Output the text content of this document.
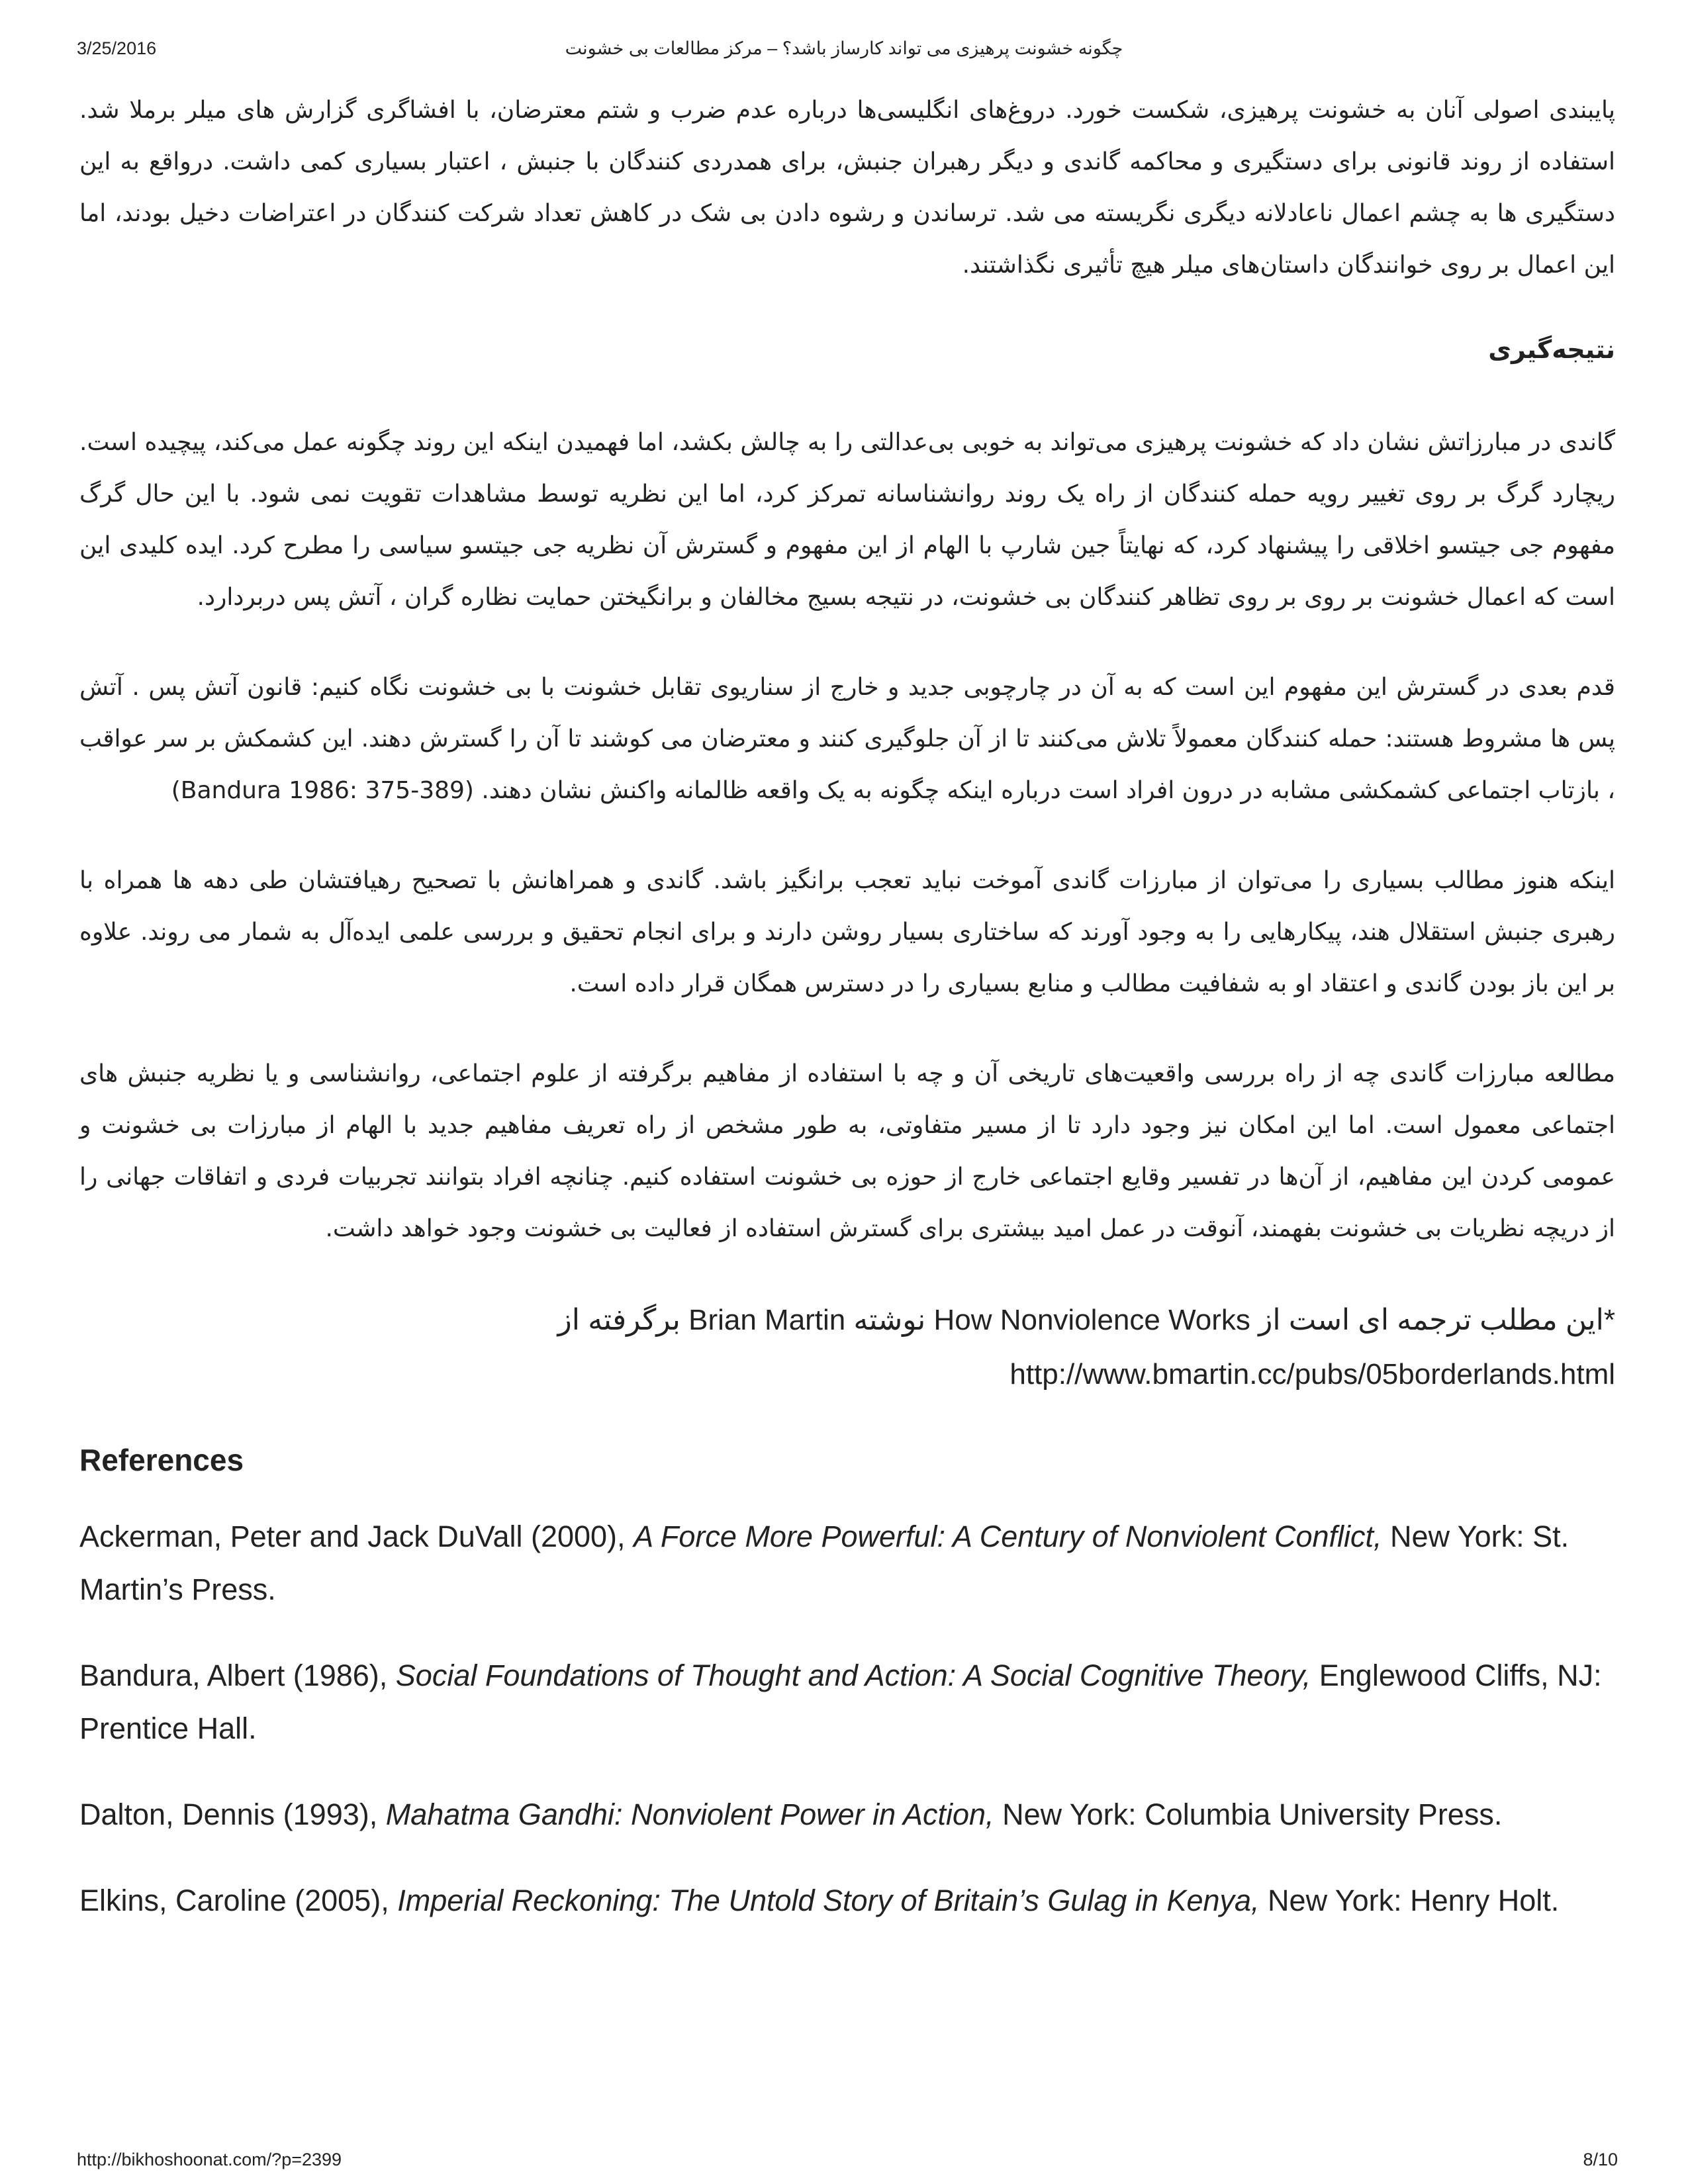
3/25/2016	چگونه خشونت پرهیزی می تواند کارساز باشد؟ – مرکز مطالعات بی خشونت

پایبندی اصولی آنان به خشونت پرهیزی، شکست خورد. دروغ‌های انگلیسی‌ها درباره عدم ضرب و شتم معترضان، با افشاگری گزارش های میلر برملا شد. استفاده از روند قانونی برای دستگیری و محاکمه گاندی و دیگر رهبران جنبش، برای همدردی کنندگان با جنبش ، اعتبار بسیاری کمی داشت. درواقع به این دستگیری ها به چشم اعمال ناعادلانه دیگری نگریسته می شد. ترساندن و رشوه دادن بی شک در کاهش تعداد شرکت کنندگان در اعتراضات دخیل بودند، اما این اعمال بر روی خوانندگان داستان‌های میلر هیچ تأثیری نگذاشتند.

نتیجه‌گیری

گاندی در مبارزاتش نشان داد که خشونت پرهیزی می‌تواند به خوبی بی‌عدالتی را به چالش بکشد، اما فهمیدن اینکه این روند چگونه عمل می‌کند، پیچیده است. ریچارد گرگ بر روی تغییر رویه حمله کنندگان از راه یک روند روانشناسانه تمرکز کرد، اما این نظریه توسط مشاهدات تقویت نمی شود. با این حال گرگ مفهوم جی جیتسو اخلاقی را پیشنهاد کرد، که نهایتاً جین شارپ با الهام از این مفهوم و گسترش آن نظریه جی جیتسو سیاسی را مطرح کرد. ایده کلیدی این است که اعمال خشونت بر روی بر روی تظاهر کنندگان بی خشونت، در نتیجه بسیج مخالفان و برانگیختن حمایت نظاره گران ، آتش پس دربردارد.

قدم بعدی در گسترش این مفهوم این است که به آن در چارچوبی جدید و خارج از سناریوی تقابل خشونت با بی خشونت نگاه کنیم: قانون آتش پس . آتش پس ها مشروط هستند: حمله کنندگان معمولاً تلاش می‌کنند تا از آن جلوگیری کنند و معترضان می کوشند تا آن را گسترش دهند. این کشمکش بر سر عواقب ، بازتاب اجتماعی کشمکشی مشابه در درون افراد است درباره اینکه چگونه به یک واقعه ظالمانه واکنش نشان دهند. (Bandura 1986: 375-389)

اینکه هنوز مطالب بسیاری را می‌توان از مبارزات گاندی آموخت نباید تعجب برانگیز باشد. گاندی و همراهانش با تصحیح رهیافتشان طی دهه ها همراه با رهبری جنبش استقلال هند، پیکارهایی را به وجود آورند که ساختاری بسیار روشن دارند و برای انجام تحقیق و بررسی علمی ایده‌آل به شمار می روند. علاوه بر این باز بودن گاندی و اعتقاد او به شفافیت مطالب و منابع بسیاری را در دسترس همگان قرار داده است.

مطالعه مبارزات گاندی چه از راه بررسی واقعیت‌های تاریخی آن و چه با استفاده از مفاهیم برگرفته از علوم اجتماعی، روانشناسی و یا نظریه جنبش های اجتماعی معمول است. اما این امکان نیز وجود دارد تا از مسیر متفاوتی، به طور مشخص از راه تعریف مفاهیم جدید با الهام از مبارزات بی خشونت و عمومی کردن این مفاهیم، از آن‌ها در تفسیر وقایع اجتماعی خارج از حوزه بی خشونت استفاده کنیم. چنانچه افراد بتوانند تجربیات فردی و اتفاقات جهانی را از دریچه نظریات بی خشونت بفهمند، آنوقت در عمل امید بیشتری برای گسترش استفاده از فعالیت بی خشونت وجود خواهد داشت.

*این مطلب ترجمه ای است از How Nonviolence Works نوشته Brian Martin برگرفته از
http://www.bmartin.cc/pubs/05borderlands.html
References
Ackerman, Peter and Jack DuVall (2000), A Force More Powerful: A Century of Nonviolent Conflict, New York: St. Martin’s Press.
Bandura, Albert (1986), Social Foundations of Thought and Action: A Social Cognitive Theory, Englewood Cliffs, NJ: Prentice Hall.
Dalton, Dennis (1993), Mahatma Gandhi: Nonviolent Power in Action, New York: Columbia University Press.
Elkins, Caroline (2005), Imperial Reckoning: The Untold Story of Britain’s Gulag in Kenya, New York: Henry Holt.
http://bikhoshoonat.com/?p=2399	8/10
